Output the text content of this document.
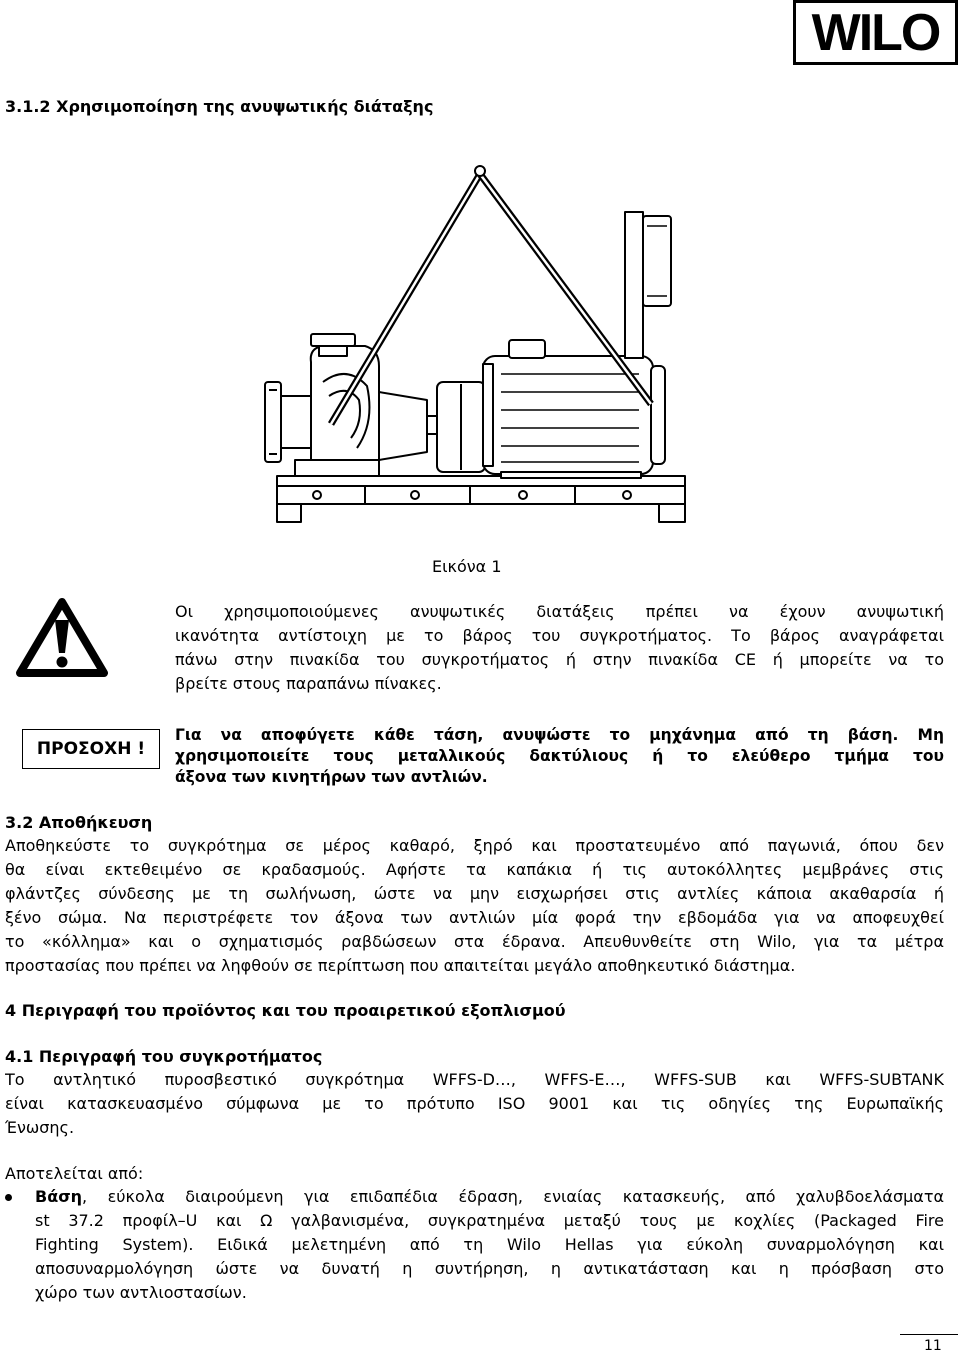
WILO
3.1.2 Χρησιμοποίηση της ανυψωτικής διάταξης
Εικόνα 1
Οι χρησιμοποιούμενες ανυψωτικές διατάξεις πρέπει να έχουν ανυψωτική
ικανότητα αντίστοιχη με το βάρος του συγκροτήματος. Το βάρος αναγράφεται
πάνω στην πινακίδα του συγκροτήματος ή στην πινακίδα CE ή μπορείτε να το
βρείτε στους παραπάνω πίνακες.
ΠΡΟΣΟΧΗ !
Για να αποφύγετε κάθε τάση, ανυψώστε το μηχάνημα από τη βάση. Μη
χρησιμοποιείτε τους μεταλλικούς δακτύλιους ή το ελεύθερο τμήμα του
άξονα των κινητήρων των αντλιών.
3.2 Αποθήκευση
Αποθηκεύστε το συγκρότημα σε μέρος καθαρό, ξηρό και προστατευμένο από παγωνιά, όπου δεν
θα είναι εκτεθειμένο σε κραδασμούς. Αφήστε τα καπάκια ή τις αυτοκόλλητες μεμβράνες στις
φλάντζες σύνδεσης με τη σωλήνωση, ώστε να μην εισχωρήσει στις αντλίες κάποια ακαθαρσία ή
ξένο σώμα. Να περιστρέφετε τον άξονα των αντλιών μία φορά την εβδομάδα για να αποφευχθεί
το «κόλλημα» και ο σχηματισμός ραβδώσεων στα έδρανα. Απευθυνθείτε στη Wilo, για τα μέτρα
προστασίας που πρέπει να ληφθούν σε περίπτωση που απαιτείται μεγάλο αποθηκευτικό διάστημα.
4 Περιγραφή του προϊόντος και του προαιρετικού εξοπλισμού
4.1 Περιγραφή του συγκροτήματος
Το αντλητικό πυροσβεστικό συγκρότημα WFFS-D…, WFFS-E…, WFFS-SUB και WFFS-SUBTANK
είναι κατασκευασμένο σύμφωνα με το πρότυπο ISO 9001 και τις οδηγίες της Ευρωπαϊκής
Ένωσης.
Αποτελείται από:
Βάση, εύκολα διαιρούμενη για επιδαπέδια έδραση, ενιαίας κατασκευής, από χαλυβδοελάσματα
st 37.2 προφίλ–U και Ω γαλβανισμένα, συγκρατημένα μεταξύ τους με κοχλίες (Packaged Fire
Fighting System). Ειδικά μελετημένη από τη Wilo Hellas για εύκολη συναρμολόγηση και
αποσυναρμολόγηση ώστε να δυνατή η συντήρηση, η αντικατάσταση και η πρόσβαση στο
χώρο των αντλιοστασίων.
11
